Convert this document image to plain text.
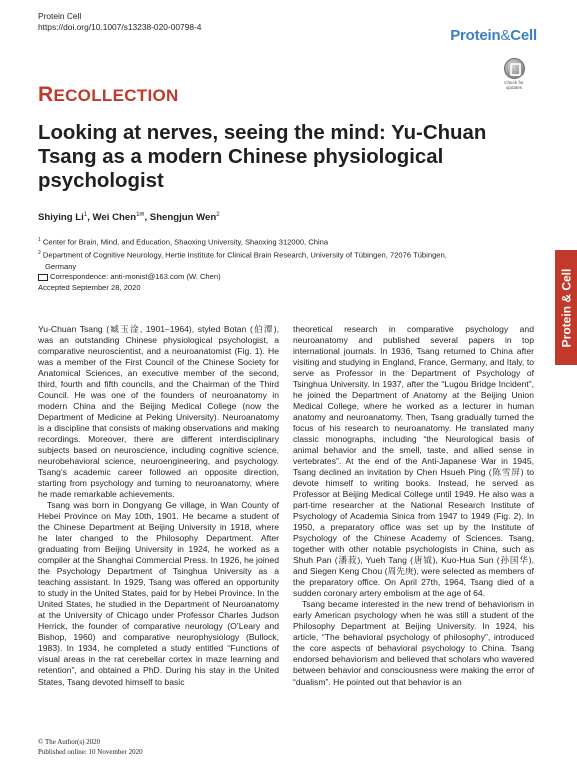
Protein Cell
https://doi.org/10.1007/s13238-020-00798-4	Protein&Cell
Check for
updates
RECOLLECTION
Looking at nerves, seeing the mind: Yu-Chuan Tsang as a modern Chinese physiological psychologist
Shiying Li$^1$, Wei Chen$^{1✉}$, Shengjun Wen$^2$
$^1$ Center for Brain, Mind, and Education, Shaoxing University, Shaoxing 312000, China
$^2$ Department of Cognitive Neurology, Hertie Institute for Clinical Brain Research, University of Tübingen, 72076 Tübingen,
Germany
Correspondence: anti-monist@163.com (W. Chen)
Accepted September 28, 2020	Protein & Cell

Yu-Chuan Tsang (臧玉淦, 1901–1964), styled Botan (伯潭), was an outstanding Chinese physiological psychologist, a comparative neuroscientist, and a neuroanatomist (Fig. 1). He was a member of the First Council of the Chinese Society for Anatomical Sciences, an executive member of the second, third, fourth and fifth councils, and the Chairman of the Third Council. He was one of the founders of neuroanatomy in modern China and the Beijing Medical College (now the Department of Medicine at Peking University). Neuroanatomy is a discipline that consists of making observations and making recordings. Moreover, there are different interdisciplinary subjects based on neuroscience, including cognitive science, neurobehavioral science, neuroengineering, and psychology. Tsang’s academic career followed an opposite direction, starting from psychology and turning to neuroanatomy, where he made remarkable achievements.

Tsang was born in Dongyang Ge village, in Wan County of Hebei Province on May 10th, 1901. He became a student of the Chinese Department at Beijing University in 1918, where he later changed to the Philosophy Department. After graduating from Beijing University in 1924, he worked as a compiler at the Shanghai Commercial Press. In 1926, he joined the Psychology Department of Tsinghua University as a teaching assistant. In 1929, Tsang was offered an opportunity to study in the United States, paid for by Hebei Province. In the United States, he studied in the Department of Neuroanatomy at the University of Chicago under Professor Charles Judson Herrick, the founder of comparative neurology (O’Leary and Bishop, 1960) and comparative neurophysiology (Bullock, 1983). In 1934, he completed a study entitled “Functions of visual areas in the rat cerebellar cortex in maze learning and retention”, and obtained a PhD. During his stay in the United States, Tsang devoted himself to basic

theoretical research in comparative psychology and neuroanatomy and published several papers in top international journals. In 1936, Tsang returned to China after visiting and studying in England, France, Germany, and Italy, to serve as Professor in the Department of Psychology of Tsinghua University. In 1937, after the “Lugou Bridge Incident”, he joined the Department of Anatomy at the Beijing Union Medical College, where he worked as a lecturer in human anatomy and neuroanatomy. Then, Tsang gradually turned the focus of his research to neuroanatomy. He translated many classic monographs, including “the Neurological basis of animal behavior and the smell, taste, and allied sense in vertebrates”. At the end of the Anti-Japanese War in 1945, Tsang declined an invitation by Chen Hsueh Ping (陈雪屏) to devote himself to writing books. Instead, he served as Professor at Beijing Medical College until 1949. He also was a part-time researcher at the National Research Institute of Psychology of Academia Sinica from 1947 to 1949 (Fig. 2). In 1950, a preparatory office was set up by the Institute of Psychology of the Chinese Academy of Sciences. Tsang, together with other notable psychologists in China, such as Shuh Pan (潘菽), Yueh Tang (唐钺), Kuo-Hua Sun (孙国华), and Siegen Keng Chou (周先庚), were selected as members of the preparatory office. On April 27th, 1964, Tsang died of a sudden coronary artery embolism at the age of 64.

Tsang became interested in the new trend of behaviorism in early American psychology when he was still a student of the Philosophy Department at Beijing University. In 1924, his article, “The behavioral psychology of philosophy”, introduced the core aspects of behavioral psychology to China. Tsang endorsed behaviorism and believed that scholars who wavered between behavior and consciousness were making the error of “dualism”. He pointed out that behavior is an

© The Author(s) 2020
Published online: 10 November 2020
